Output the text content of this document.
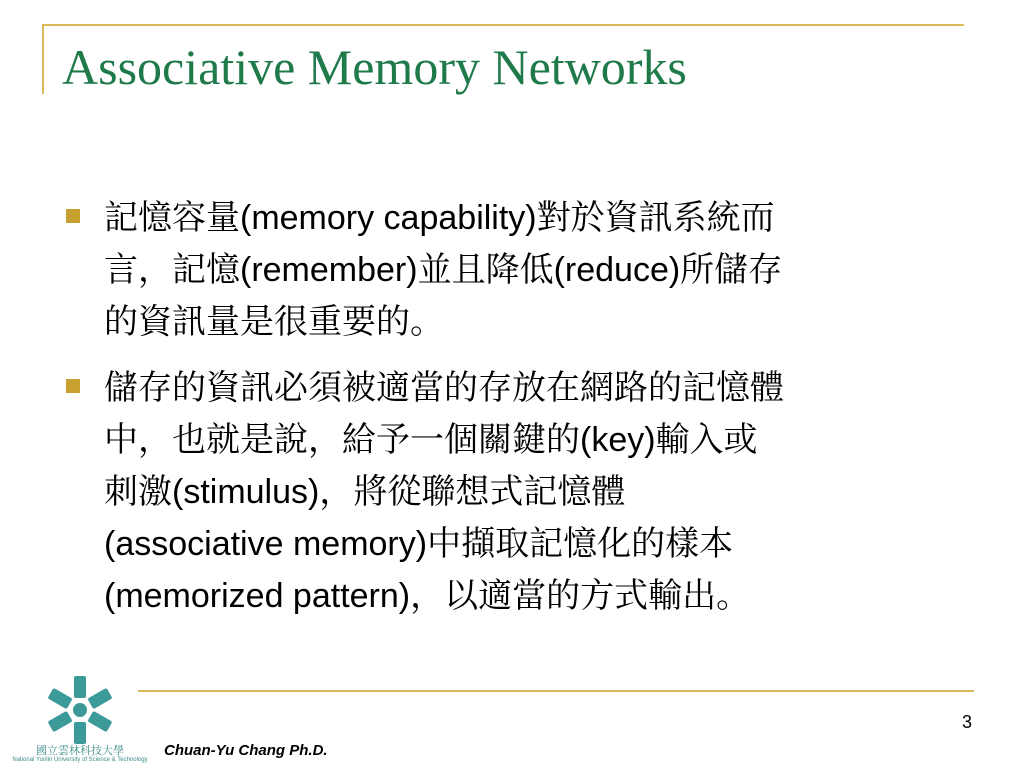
Associative Memory Networks
記憶容量(memory capability)對於資訊系統而
言，記憶(remember)並且降低(reduce)所儲存
的資訊量是很重要的。
儲存的資訊必須被適當的存放在網路的記憶體
中，也就是說，給予一個關鍵的(key)輸入或
刺激(stimulus)，將從聯想式記憶體
(associative memory)中擷取記憶化的樣本
(memorized pattern)，以適當的方式輸出。
國立雲林科技大學
National Yunlin University of Science & Technology
Chuan-Yu Chang Ph.D.
3
